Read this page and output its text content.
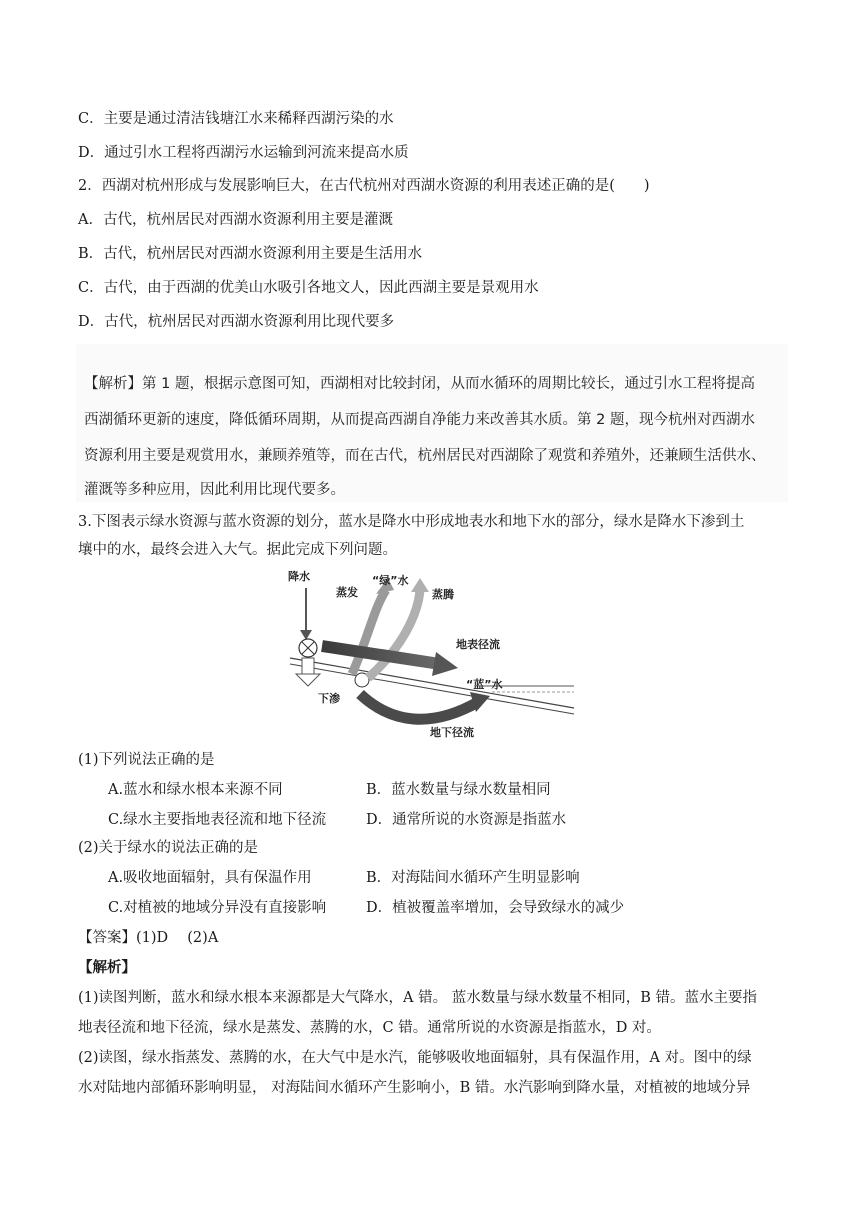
C．主要是通过清洁钱塘江水来稀释西湖污染的水
D．通过引水工程将西湖污水运输到河流来提高水质
2．西湖对杭州形成与发展影响巨大，在古代杭州对西湖水资源的利用表述正确的是(　　)
A．古代，杭州居民对西湖水资源利用主要是灌溉
B．古代，杭州居民对西湖水资源利用主要是生活用水
C．古代，由于西湖的优美山水吸引各地文人，因此西湖主要是景观用水
D．古代，杭州居民对西湖水资源利用比现代要多
【解析】第 1 题，根据示意图可知，西湖相对比较封闭，从而水循环的周期比较长，通过引水工程将提高
西湖循环更新的速度，降低循环周期，从而提高西湖自净能力来改善其水质。第 2 题，现今杭州对西湖水
资源利用主要是观赏用水，兼顾养殖等，而在古代，杭州居民对西湖除了观赏和养殖外，还兼顾生活供水、
灌溉等多种应用，因此利用比现代要多。
3.下图表示绿水资源与蓝水资源的划分，蓝水是降水中形成地表水和地下水的部分，绿水是降水下渗到土
壤中的水，最终会进入大气。据此完成下列问题。
降水
蒸发
“绿”水
蒸腾
地表径流
下渗
“蓝”水
地下径流
(1)下列说法正确的是
A.蓝水和绿水根本来源不同	B．蓝水数量与绿水数量相同
C.绿水主要指地表径流和地下径流	D．通常所说的水资源是指蓝水
(2)关于绿水的说法正确的是
A.吸收地面辐射，具有保温作用	B．对海陆间水循环产生明显影响
C.对植被的地域分异没有直接影响	D．植被覆盖率增加，会导致绿水的减少
【答案】(1)D　 (2)A
【解析】
(1)读图判断，蓝水和绿水根本来源都是大气降水，A 错。 蓝水数量与绿水数量不相同，B 错。蓝水主要指
地表径流和地下径流，绿水是蒸发、蒸腾的水，C 错。通常所说的水资源是指蓝水，D 对。
(2)读图，绿水指蒸发、蒸腾的水，在大气中是水汽，能够吸收地面辐射，具有保温作用，A 对。图中的绿
水对陆地内部循环影响明显， 对海陆间水循环产生影响小，B 错。水汽影响到降水量，对植被的地域分异
